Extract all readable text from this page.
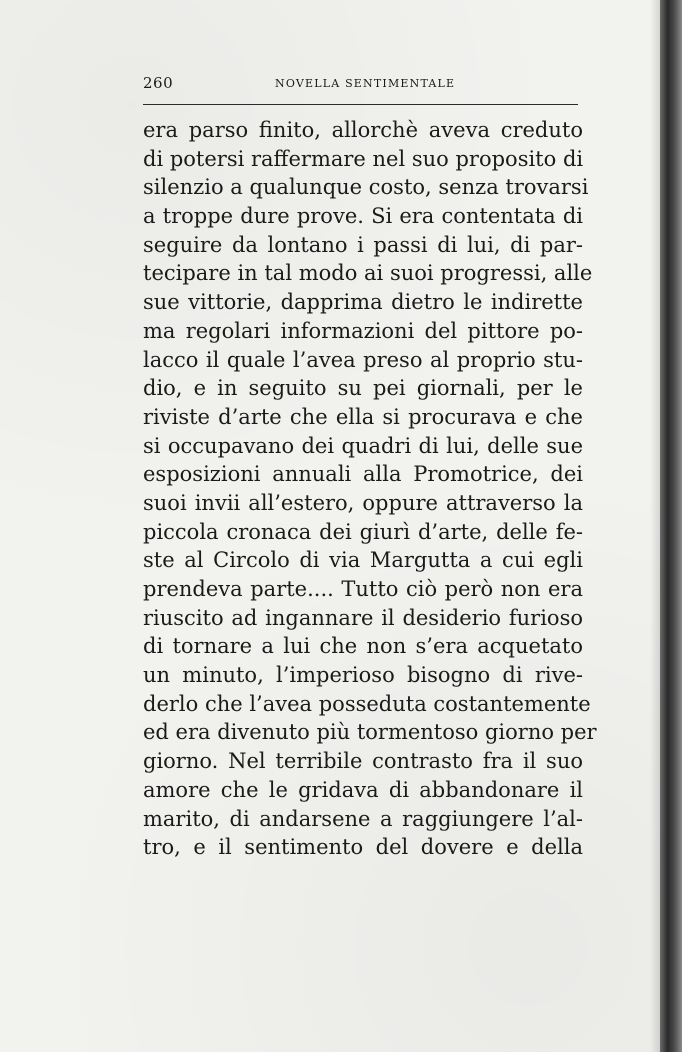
260	NOVELLA SENTIMENTALE
era parso finito, allorchè aveva creduto
di potersi raffermare nel suo proposito di
silenzio a qualunque costo, senza trovarsi
a troppe dure prove. Si era contentata di
seguire da lontano i passi di lui, di par-
tecipare in tal modo ai suoi progressi, alle
sue vittorie, dapprima dietro le indirette
ma regolari informazioni del pittore po-
lacco il quale l’avea preso al proprio stu-
dio, e in seguito su pei giornali, per le
riviste d’arte che ella si procurava e che
si occupavano dei quadri di lui, delle sue
esposizioni annuali alla Promotrice, dei
suoi invii all’estero, oppure attraverso la
piccola cronaca dei giurì d’arte, delle fe-
ste al Circolo di via Margutta a cui egli
prendeva parte.... Tutto ciò però non era
riuscito ad ingannare il desiderio furioso
di tornare a lui che non s’era acquetato
un minuto, l’imperioso bisogno di rive-
derlo che l’avea posseduta costantemente
ed era divenuto più tormentoso giorno per
giorno. Nel terribile contrasto fra il suo
amore che le gridava di abbandonare il
marito, di andarsene a raggiungere l’al-
tro, e il sentimento del dovere e della
